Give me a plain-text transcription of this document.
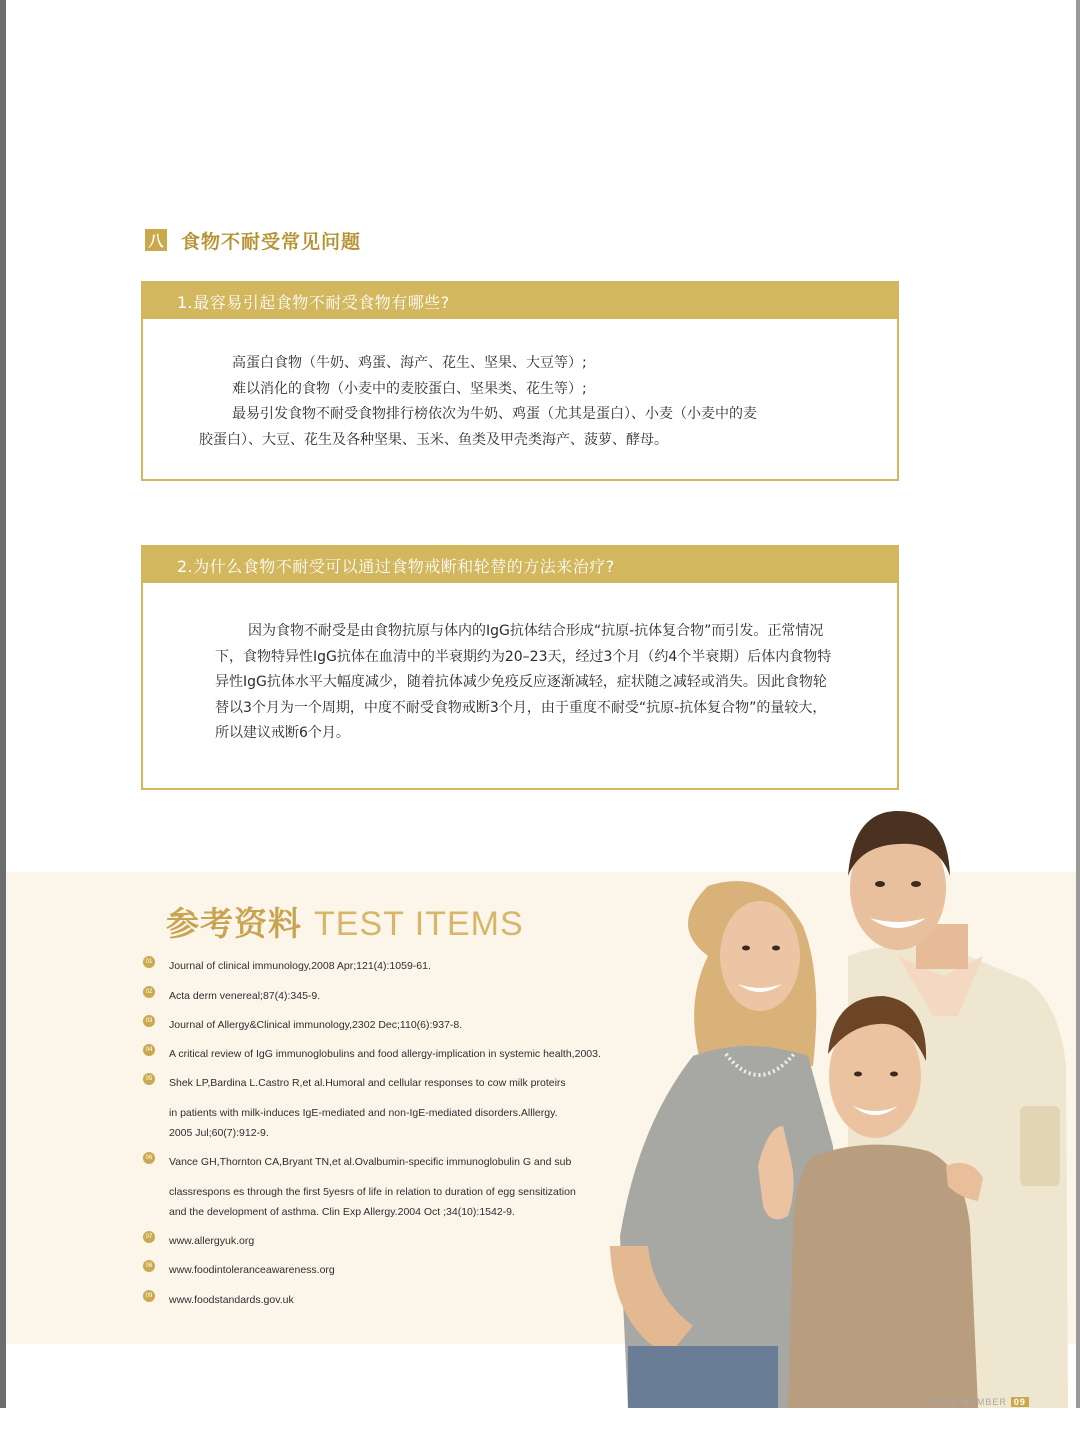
八 食物不耐受常见问题
1.最容易引起食物不耐受食物有哪些?
高蛋白食物（牛奶、鸡蛋、海产、花生、坚果、大豆等）;
难以消化的食物（小麦中的麦胶蛋白、坚果类、花生等）;
最易引发食物不耐受食物排行榜依次为牛奶、鸡蛋（尤其是蛋白）、小麦（小麦中的麦
胶蛋白）、大豆、花生及各种坚果、玉米、鱼类及甲壳类海产、菠萝、酵母。
2.为什么食物不耐受可以通过食物戒断和轮替的方法来治疗?
因为食物不耐受是由食物抗原与体内的IgG抗体结合形成“抗原-抗体复合物”而引发。正常情况下，食物特异性IgG抗体在血清中的半衰期约为20–23天，经过3个月（约4个半衰期）后体内食物特异性IgG抗体水平大幅度减少，随着抗体减少免疫反应逐渐减轻，症状随之减轻或消失。因此食物轮替以3个月为一个周期，中度不耐受食物戒断3个月，由于重度不耐受“抗原-抗体复合物”的量较大，所以建议戒断6个月。
参考资料 TEST ITEMS
01 Journal of clinical immunology,2008 Apr;121(4):1059-61.
02 Acta derm venereal;87(4):345-9.
03 Journal of Allergy&Clinical immunology,2302 Dec;110(6):937-8.
04 A critical review of IgG immunoglobulins and food allergy-implication in systemic health,2003.
05 Shek LP,Bardina L.Castro R,et al.Humoral and cellular responses to cow milk proteirs
in patients with milk-induces IgE-mediated and non-IgE-mediated disorders.Alllergy.
2005 Jul;60(7):912-9.
06 Vance GH,Thornton CA,Bryant TN,et al.Ovalbumin-specific immunoglobulin G and sub
classrespons es through the first 5yesrs of life in relation to duration of egg sensitization
and the development of asthma. Clin Exp Allergy.2004 Oct ;34(10):1542-9.
07 www.allergyuk.org
08 www.foodintoleranceawareness.org
09 www.foodstandards.gov.uk
PAGE NUMBER 09
